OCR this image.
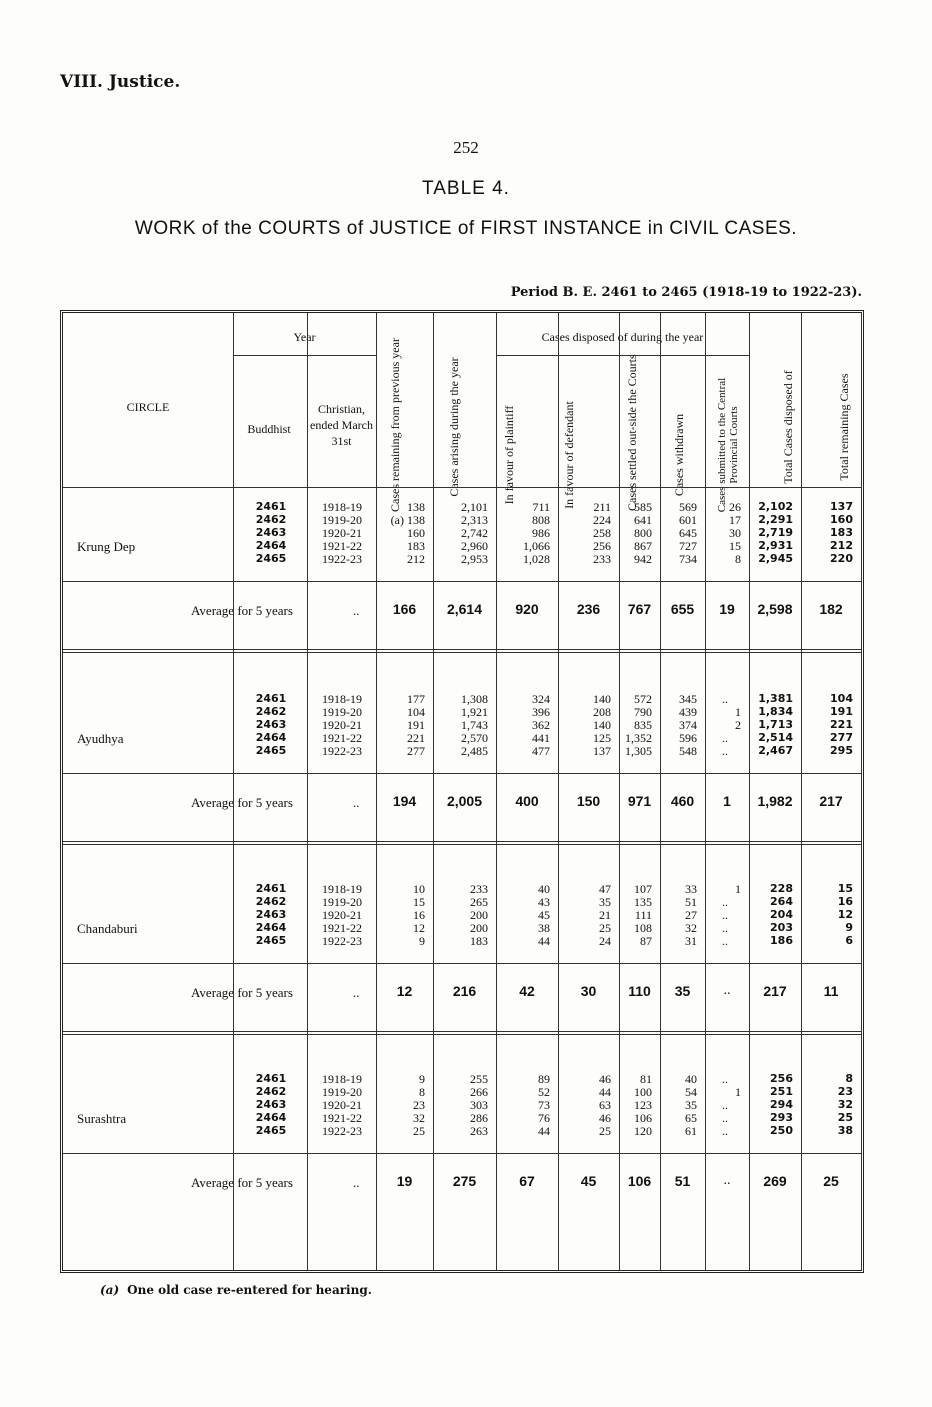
VIII. Justice.
252
TABLE 4.
WORK of the COURTS of JUSTICE of FIRST INSTANCE in CIVIL CASES.
Period B. E. 2461 to 2465 (1918-19 to 1922-23).
CIRCLE
Year
Buddhist
Christian, ended March 31st
Cases disposed of during the year
Cases remaining from previous year	Cases arising during the year	In favour of plaintiff	In favour of defendant	Cases settled out-side the Courts	Cases withdrawn	Cases submitted to the Central Provincial Courts	Total Cases disposed of	Total remaining Cases
Krung Dep
2461	1918-19	138	2,101	711	211	585	569	26	2,102	137
2462	1919-20	(a) 138	2,313	808	224	641	601	17	2,291	160
2463	1920-21	160	2,742	986	258	800	645	30	2,719	183
2464	1921-22	183	2,960	1,066	256	867	727	15	2,931	212
2465	1922-23	212	2,953	1,028	233	942	734	8	2,945	220
Average for 5 years	..	166	2,614	920	236	767	655	19	2,598	182
Ayudhya
2461	1918-19	177	1,308	324	140	572	345	..	1,381	104
2462	1919-20	104	1,921	396	208	790	439	1	1,834	191
2463	1920-21	191	1,743	362	140	835	374	2	1,713	221
2464	1921-22	221	2,570	441	125	1,352	596	..	2,514	277
2465	1922-23	277	2,485	477	137	1,305	548	..	2,467	295
Average for 5 years	..	194	2,005	400	150	971	460	1	1,982	217
Chandaburi
2461	1918-19	10	233	40	47	107	33	1	228	15
2462	1919-20	15	265	43	35	135	51	..	264	16
2463	1920-21	16	200	45	21	111	27	..	204	12
2464	1921-22	12	200	38	25	108	32	..	203	9
2465	1922-23	9	183	44	24	87	31	..	186	6
Average for 5 years	..	12	216	42	30	110	35	..	217	11
Surashtra
2461	1918-19	9	255	89	46	81	40	..	256	8
2462	1919-20	8	266	52	44	100	54	1	251	23
2463	1920-21	23	303	73	63	123	35	..	294	32
2464	1921-22	32	286	76	46	106	65	..	293	25
2465	1922-23	25	263	44	25	120	61	..	250	38
Average for 5 years	..	19	275	67	45	106	51	..	269	25
(a) One old case re-entered for hearing.
